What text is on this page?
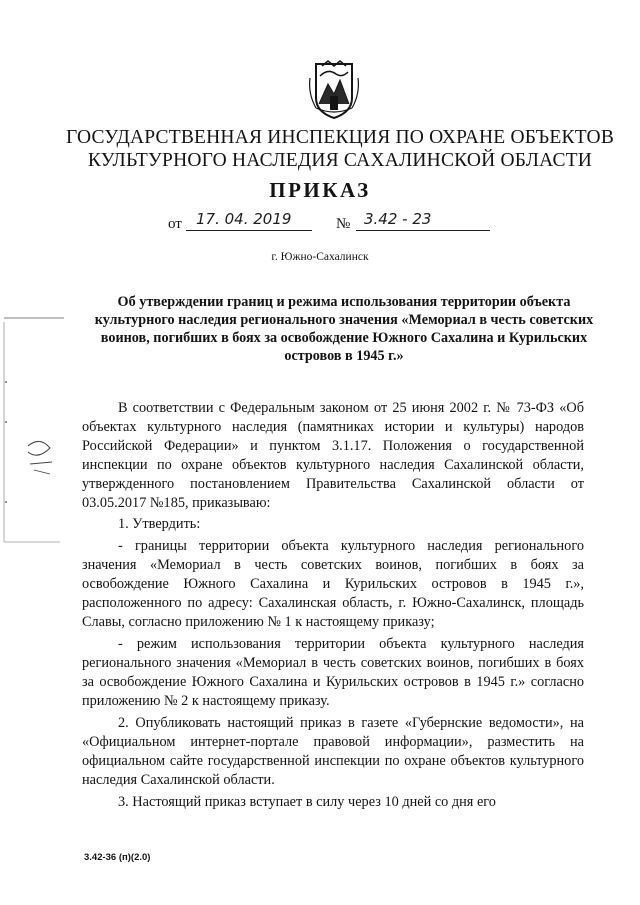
ГОСУДАРСТВЕННАЯ ИНСПЕКЦИЯ ПО ОХРАНЕ ОБЪЕКТОВ
КУЛЬТУРНОГО НАСЛЕДИЯ САХАЛИНСКОЙ ОБЛАСТИ
ПРИКАЗ
от 17. 04. 2019	№ 3.42 - 23
г. Южно-Сахалинск
Об утверждении границ и режима использования территории объекта культурного наследия регионального значения «Мемориал в честь советских воинов, погибших в боях за освобождение Южного Сахалина и Курильских островов в 1945 г.»

В соответствии с Федеральным законом от 25 июня 2002 г. № 73-ФЗ «Об объектах культурного наследия (памятниках истории и культуры) народов Российской Федерации» и пунктом 3.1.17. Положения о государственной инспекции по охране объектов культурного наследия Сахалинской области, утвержденного постановлением Правительства Сахалинской области от 03.05.2017 №185, приказываю:

1. Утвердить:

- границы территории объекта культурного наследия регионального значения «Мемориал в честь советских воинов, погибших в боях за освобождение Южного Сахалина и Курильских островов в 1945 г.», расположенного по адресу: Сахалинская область, г. Южно-Сахалинск, площадь Славы, согласно приложению № 1 к настоящему приказу;

- режим использования территории объекта культурного наследия регионального значения «Мемориал в честь советских воинов, погибших в боях за освобождение Южного Сахалина и Курильских островов в 1945 г.» согласно приложению № 2 к настоящему приказу.

2. Опубликовать настоящий приказ в газете «Губернские ведомости», на «Официальном интернет-портале правовой информации», разместить на официальном сайте государственной инспекции по охране объектов культурного наследия Сахалинской области.

3. Настоящий приказ вступает в силу через 10 дней со дня его

3.42-36 (п)(2.0)
